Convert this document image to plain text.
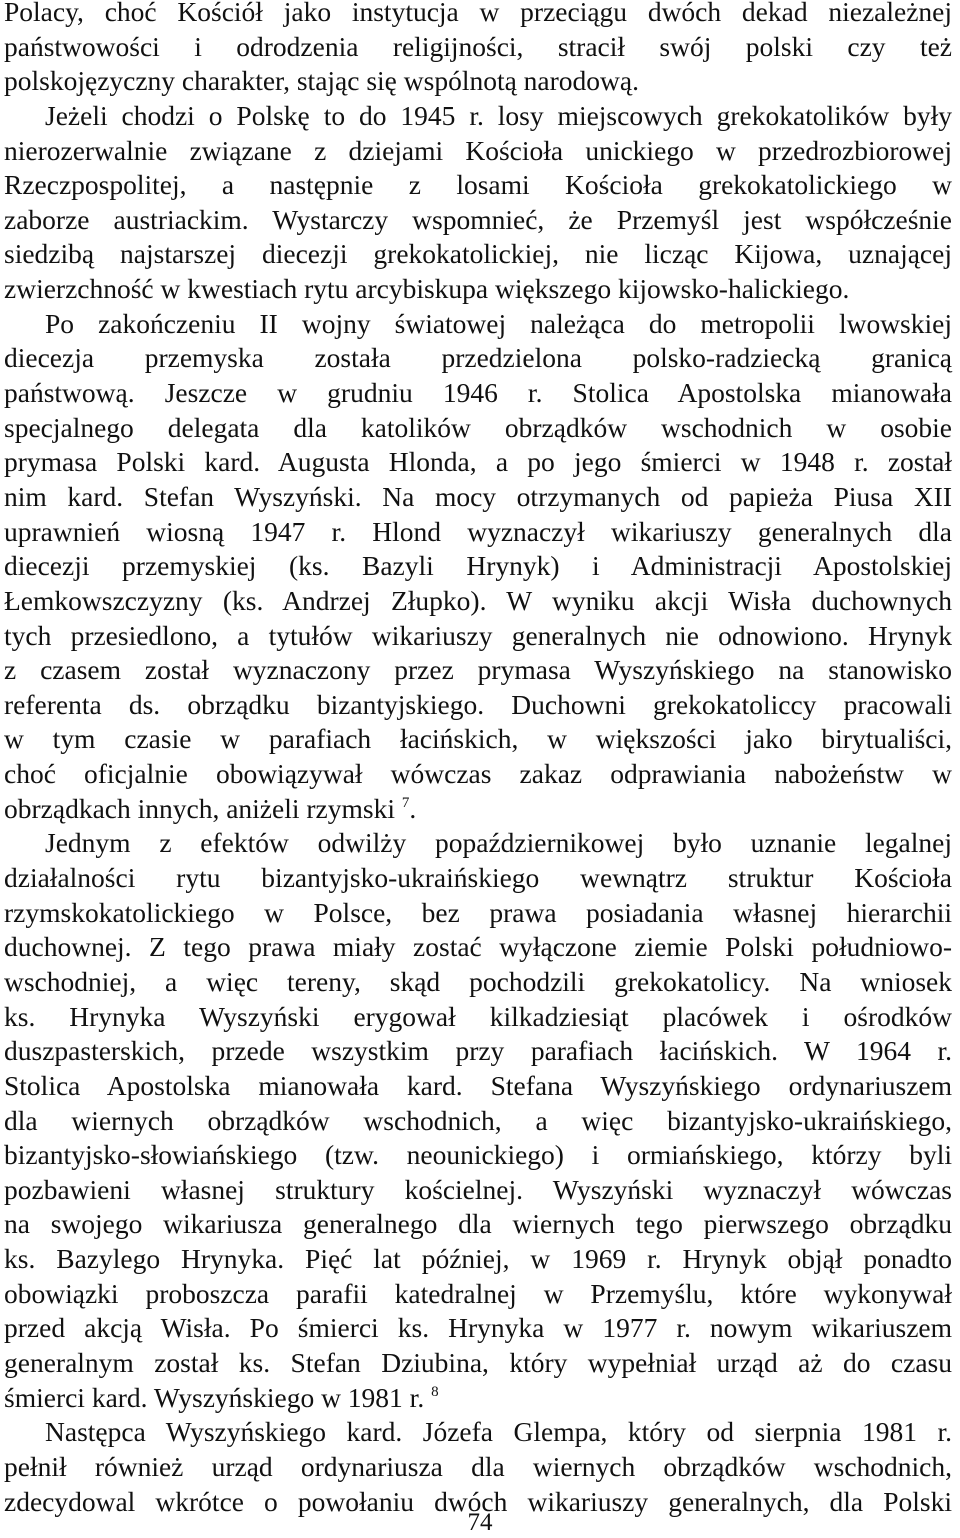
Polacy, choć Kościół jako instytucja w przeciągu dwóch dekad niezależnej
państwowości i odrodzenia religijności, stracił swój polski czy też
polskojęzyczny charakter, stając się wspólnotą narodową.
Jeżeli chodzi o Polskę to do 1945 r. losy miejscowych grekokatolików były
nierozerwalnie związane z dziejami Kościoła unickiego w przedrozbiorowej
Rzeczpospolitej, a następnie z losami Kościoła grekokatolickiego w
zaborze austriackim. Wystarczy wspomnieć, że Przemyśl jest współcześnie
siedzibą najstarszej diecezji grekokatolickiej, nie licząc Kijowa, uznającej
zwierzchność w kwestiach rytu arcybiskupa większego kijowsko-halickiego.
Po zakończeniu II wojny światowej należąca do metropolii lwowskiej
diecezja przemyska została przedzielona polsko-radziecką granicą
państwową. Jeszcze w grudniu 1946 r. Stolica Apostolska mianowała
specjalnego delegata dla katolików obrządków wschodnich w osobie
prymasa Polski kard. Augusta Hlonda, a po jego śmierci w 1948 r. został
nim kard. Stefan Wyszyński. Na mocy otrzymanych od papieża Piusa XII
uprawnień wiosną 1947 r. Hlond wyznaczył wikariuszy generalnych dla
diecezji przemyskiej (ks. Bazyli Hrynyk) i Administracji Apostolskiej
Łemkowszczyzny (ks. Andrzej Złupko). W wyniku akcji Wisła duchownych
tych przesiedlono, a tytułów wikariuszy generalnych nie odnowiono. Hrynyk
z czasem został wyznaczony przez prymasa Wyszyńskiego na stanowisko
referenta ds. obrządku bizantyjskiego. Duchowni grekokatoliccy pracowali
w tym czasie w parafiach łacińskich, w większości jako birytualiści,
choć oficjalnie obowiązywał wówczas zakaz odprawiania nabożeństw w
obrządkach innych, aniżeli rzymski $^7$.
Jednym z efektów odwilży popaździernikowej było uznanie legalnej
działalności rytu bizantyjsko-ukraińskiego wewnątrz struktur Kościoła
rzymskokatolickiego w Polsce, bez prawa posiadania własnej hierarchii
duchownej. Z tego prawa miały zostać wyłączone ziemie Polski południowo-
wschodniej, a więc tereny, skąd pochodzili grekokatolicy. Na wniosek
ks. Hrynyka Wyszyński erygował kilkadziesiąt placówek i ośrodków
duszpasterskich, przede wszystkim przy parafiach łacińskich. W 1964 r.
Stolica Apostolska mianowała kard. Stefana Wyszyńskiego ordynariuszem
dla wiernych obrządków wschodnich, a więc bizantyjsko-ukraińskiego,
bizantyjsko-słowiańskiego (tzw. neounickiego) i ormiańskiego, którzy byli
pozbawieni własnej struktury kościelnej. Wyszyński wyznaczył wówczas
na swojego wikariusza generalnego dla wiernych tego pierwszego obrządku
ks. Bazylego Hrynyka. Pięć lat później, w 1969 r. Hrynyk objął ponadto
obowiązki proboszcza parafii katedralnej w Przemyślu, które wykonywał
przed akcją Wisła. Po śmierci ks. Hrynyka w 1977 r. nowym wikariuszem
generalnym został ks. Stefan Dziubina, który wypełniał urząd aż do czasu
śmierci kard. Wyszyńskiego w 1981 r. $^8$
Następca Wyszyńskiego kard. Józefa Glempa, który od sierpnia 1981 r.
pełnił również urząd ordynariusza dla wiernych obrządków wschodnich,
zdecydowal wkrótce o powołaniu dwóch wikariuszy generalnych, dla Polski
74
